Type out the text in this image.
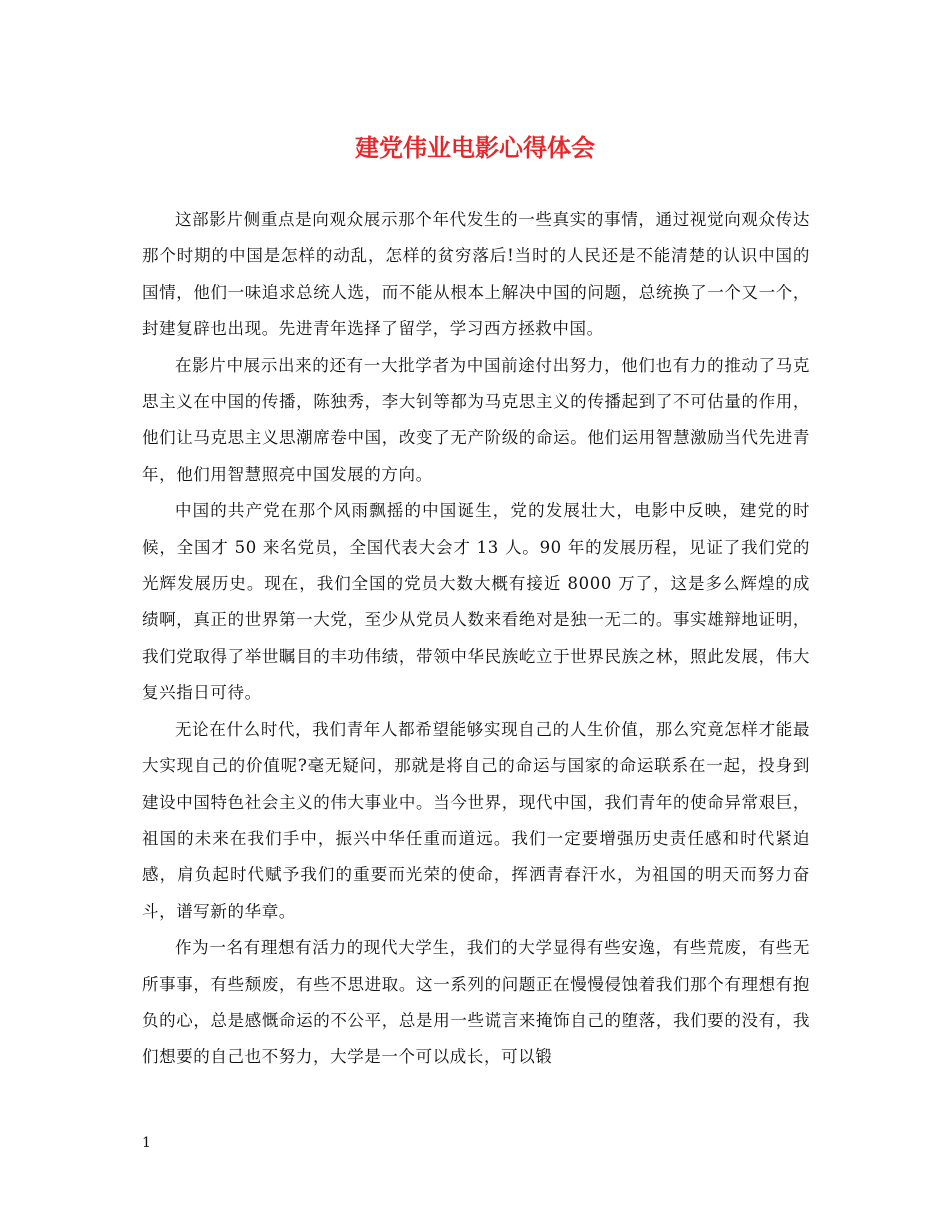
建党伟业电影心得体会

这部影片侧重点是向观众展示那个年代发生的一些真实的事情，通过视觉向观众传达那个时期的中国是怎样的动乱，怎样的贫穷落后!当时的人民还是不能清楚的认识中国的国情，他们一味追求总统人选，而不能从根本上解决中国的问题，总统换了一个又一个，封建复辟也出现。先进青年选择了留学，学习西方拯救中国。

在影片中展示出来的还有一大批学者为中国前途付出努力，他们也有力的推动了马克思主义在中国的传播，陈独秀，李大钊等都为马克思主义的传播起到了不可估量的作用，他们让马克思主义思潮席卷中国，改变了无产阶级的命运。他们运用智慧激励当代先进青年，他们用智慧照亮中国发展的方向。

中国的共产党在那个风雨飘摇的中国诞生，党的发展壮大，电影中反映，建党的时候，全国才 50 来名党员，全国代表大会才 13 人。90 年的发展历程，见证了我们党的光辉发展历史。现在，我们全国的党员大数大概有接近 8000 万了，这是多么辉煌的成绩啊，真正的世界第一大党，至少从党员人数来看绝对是独一无二的。事实雄辩地证明，我们党取得了举世瞩目的丰功伟绩，带领中华民族屹立于世界民族之林，照此发展，伟大复兴指日可待。

无论在什么时代，我们青年人都希望能够实现自己的人生价值，那么究竟怎样才能最大实现自己的价值呢?毫无疑问，那就是将自己的命运与国家的命运联系在一起，投身到建设中国特色社会主义的伟大事业中。当今世界，现代中国，我们青年的使命异常艰巨，祖国的未来在我们手中，振兴中华任重而道远。我们一定要增强历史责任感和时代紧迫感，肩负起时代赋予我们的重要而光荣的使命，挥洒青春汗水，为祖国的明天而努力奋斗，谱写新的华章。

作为一名有理想有活力的现代大学生，我们的大学显得有些安逸，有些荒废，有些无所事事，有些颓废，有些不思进取。这一系列的问题正在慢慢侵蚀着我们那个有理想有抱负的心，总是感慨命运的不公平，总是用一些谎言来掩饰自己的堕落，我们要的没有，我们想要的自己也不努力，大学是一个可以成长，可以锻

1
